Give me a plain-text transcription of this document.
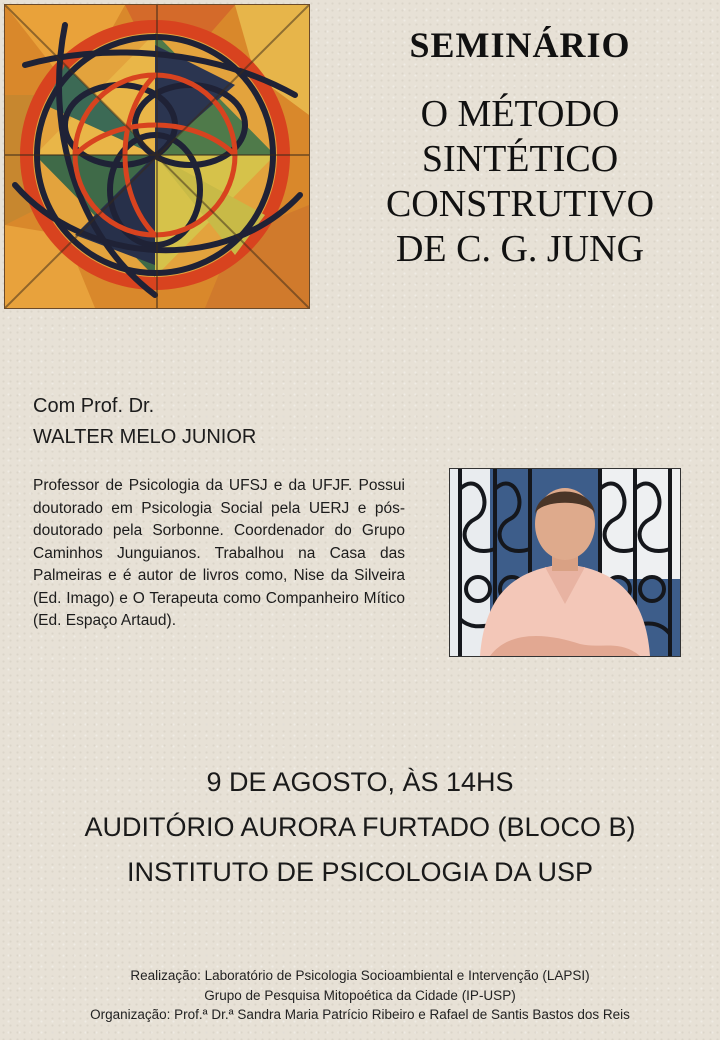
SEMINÁRIO
O MÉTODO
SINTÉTICO
CONSTRUTIVO
DE C. G. JUNG
Com Prof. Dr.
WALTER MELO JUNIOR

Professor de Psicologia da UFSJ e da UFJF. Possui doutorado em Psicologia Social pela UERJ e pós-doutorado pela Sorbonne. Coordenador do Grupo Caminhos Junguianos. Trabalhou na Casa das Palmeiras e é autor de livros como, Nise da Silveira (Ed. Imago) e O Terapeuta como Companheiro Mítico (Ed. Espaço Artaud).

9 DE AGOSTO, ÀS 14HS
AUDITÓRIO AURORA FURTADO (BLOCO B)
INSTITUTO DE PSICOLOGIA DA USP
Realização: Laboratório de Psicologia Socioambiental e Intervenção (LAPSI)
Grupo de Pesquisa Mitopoética da Cidade (IP-USP)
Organização: Prof.ª Dr.ª Sandra Maria Patrício Ribeiro e Rafael de Santis Bastos dos Reis
